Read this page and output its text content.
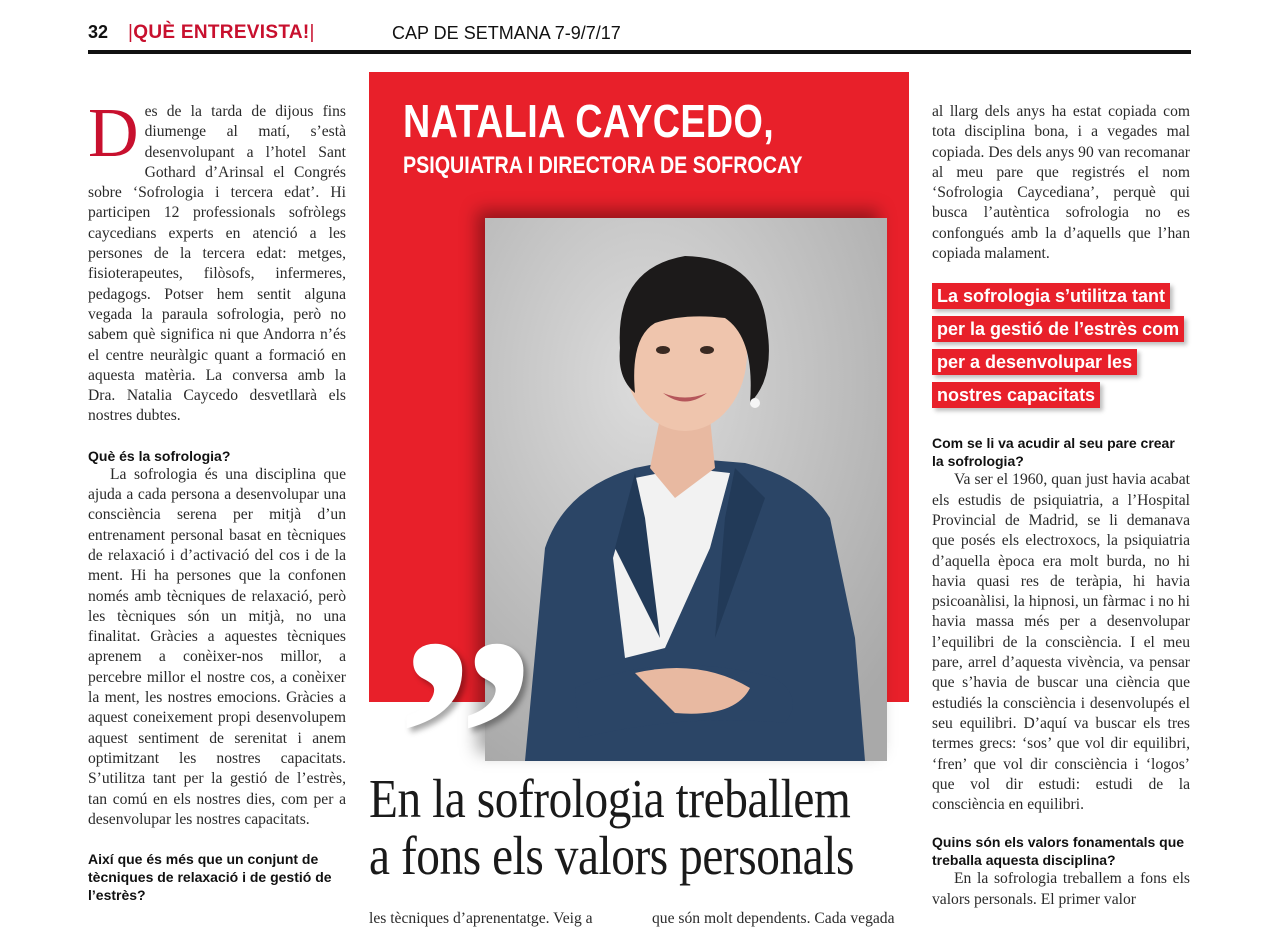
32 |QUÈ ENTREVISTA!|	CAP DE SETMANA 7-9/7/17

Des de la tarda de dijous fins diumenge al matí, s’està desenvolupant a l’hotel Sant Gothard d’Arinsal el Congrés sobre ‘Sofrologia i tercera edat’. Hi participen 12 professionals sofròlegs caycedians experts en atenció a les persones de la tercera edat: metges, fisioterapeutes, filòsofs, infermeres, pedagogs. Potser hem sentit alguna vegada la paraula sofrologia, però no sabem què significa ni que Andorra n’és el centre neuràlgic quant a formació en aquesta matèria. La conversa amb la Dra. Natalia Caycedo desvetllarà els nostres dubtes.

Què és la sofrologia?

La sofrologia és una disciplina que ajuda a cada persona a desenvolupar una consciència serena per mitjà d’un entrenament personal basat en tècniques de relaxació i d’activació del cos i de la ment. Hi ha persones que la confonen només amb tècniques de relaxació, però les tècniques són un mitjà, no una finalitat. Gràcies a aquestes tècniques aprenem a conèixer-nos millor, a percebre millor el nostre cos, a conèixer la ment, les nostres emocions. Gràcies a aquest coneixement propi desenvolupem aquest sentiment de serenitat i anem optimitzant les nostres capacitats. S’utilitza tant per la gestió de l’estrès, tan comú en els nostres dies, com per a desenvolupar les nostres capacitats.

Així que és més que un conjunt de tècniques de relaxació i de gestió de l’estrès?
NATALIA CAYCEDO,
PSIQUIATRA I DIRECTORA DE SOFROCAY
”
En la sofrologia treballem
a fons els valors personals
les tècniques d’aprenentatge. Veig a	que són molt dependents. Cada vegada

al llarg dels anys ha estat copiada com tota disciplina bona, i a vegades mal copiada. Des dels anys 90 van recomanar al meu pare que registrés el nom ‘Sofrologia Caycediana’, perquè qui busca l’autèntica sofrologia no es confongués amb la d’aquells que l’han copiada malament.

La sofrologia s’utilitza tant per la gestió de l’estrès com per a desenvolupar les nostres capacitats
Com se li va acudir al seu pare crear la sofrologia?

Va ser el 1960, quan just havia acabat els estudis de psiquiatria, a l’Hospital Provincial de Madrid, se li demanava que posés els electroxocs, la psiquiatria d’aquella època era molt burda, no hi havia quasi res de teràpia, hi havia psicoanàlisi, la hipnosi, un fàrmac i no hi havia massa més per a desenvolupar l’equilibri de la consciència. I el meu pare, arrel d’aquesta vivència, va pensar que s’havia de buscar una ciència que estudiés la consciència i desenvolupés el seu equilibri. D’aquí va buscar els tres termes grecs: ‘sos’ que vol dir equilibri, ‘fren’ que vol dir consciència i ‘logos’ que vol dir estudi: estudi de la consciència en equilibri.

Quins són els valors fonamentals que treballa aquesta disciplina?

En la sofrologia treballem a fons els valors personals. El primer valor
